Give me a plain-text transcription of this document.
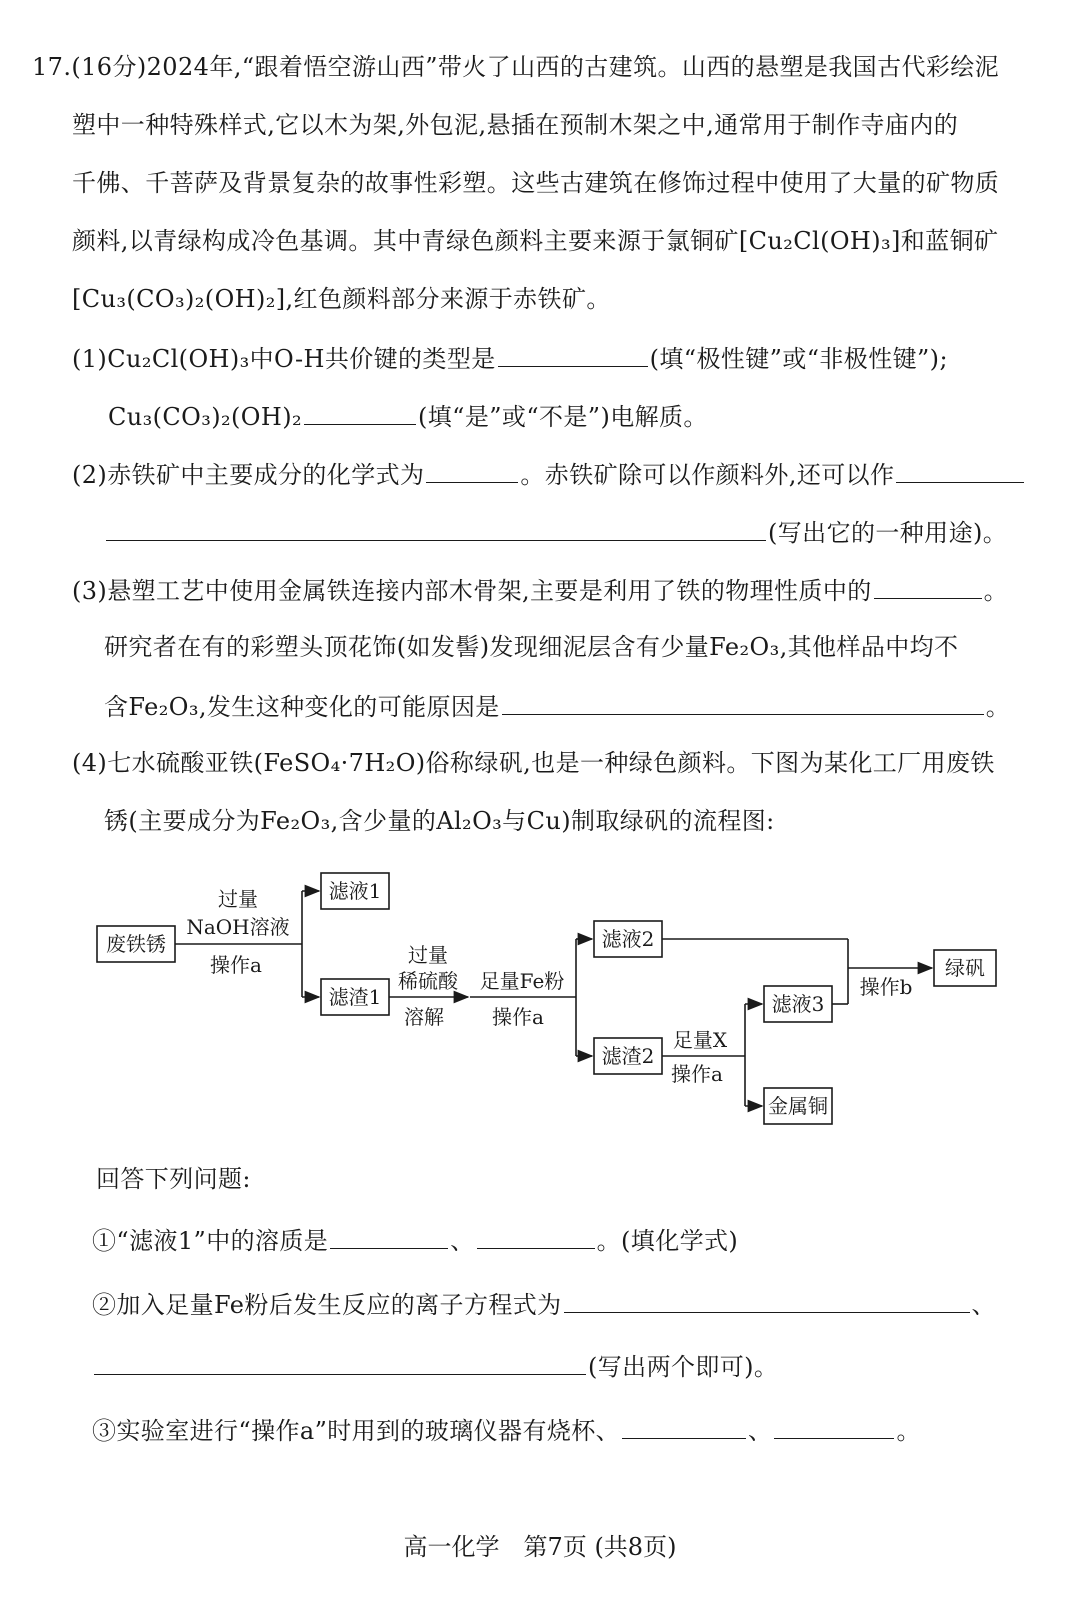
17.(16分)2024年,“跟着悟空游山西”带火了山西的古建筑。山西的悬塑是我国古代彩绘泥
塑中一种特殊样式,它以木为架,外包泥,悬插在预制木架之中,通常用于制作寺庙内的
千佛、千菩萨及背景复杂的故事性彩塑。这些古建筑在修饰过程中使用了大量的矿物质
颜料,以青绿构成冷色基调。其中青绿色颜料主要来源于氯铜矿[Cu₂Cl(OH)₃]和蓝铜矿
[Cu₃(CO₃)₂(OH)₂],红色颜料部分来源于赤铁矿。
(1)Cu₂Cl(OH)₃中O-H共价键的类型是	(填“极性键”或“非极性键”);
Cu₃(CO₃)₂(OH)₂	(填“是”或“不是”)电解质。
(2)赤铁矿中主要成分的化学式为	。赤铁矿除可以作颜料外,还可以作
(写出它的一种用途)。
(3)悬塑工艺中使用金属铁连接内部木骨架,主要是利用了铁的物理性质中的	。
研究者在有的彩塑头顶花饰(如发髻)发现细泥层含有少量Fe₂O₃,其他样品中均不
含Fe₂O₃,发生这种变化的可能原因是	。
(4)七水硫酸亚铁(FeSO₄·7H₂O)俗称绿矾,也是一种绿色颜料。下图为某化工厂用废铁
锈(主要成分为Fe₂O₃,含少量的Al₂O₃与Cu)制取绿矾的流程图:
废铁锈
滤液1
滤渣1
滤液2
滤渣2
滤液3
金属铜
绿矾
过量
NaOH溶液
操作a	过量
稀硫酸
溶解
足量Fe粉
操作a
足量X
操作a
操作b
回答下列问题:
①“滤液1”中的溶质是	、	。(填化学式)
②加入足量Fe粉后发生反应的离子方程式为	、
(写出两个即可)。
③实验室进行“操作a”时用到的玻璃仪器有烧杯、	、	。
高一化学　第7页 (共8页)
